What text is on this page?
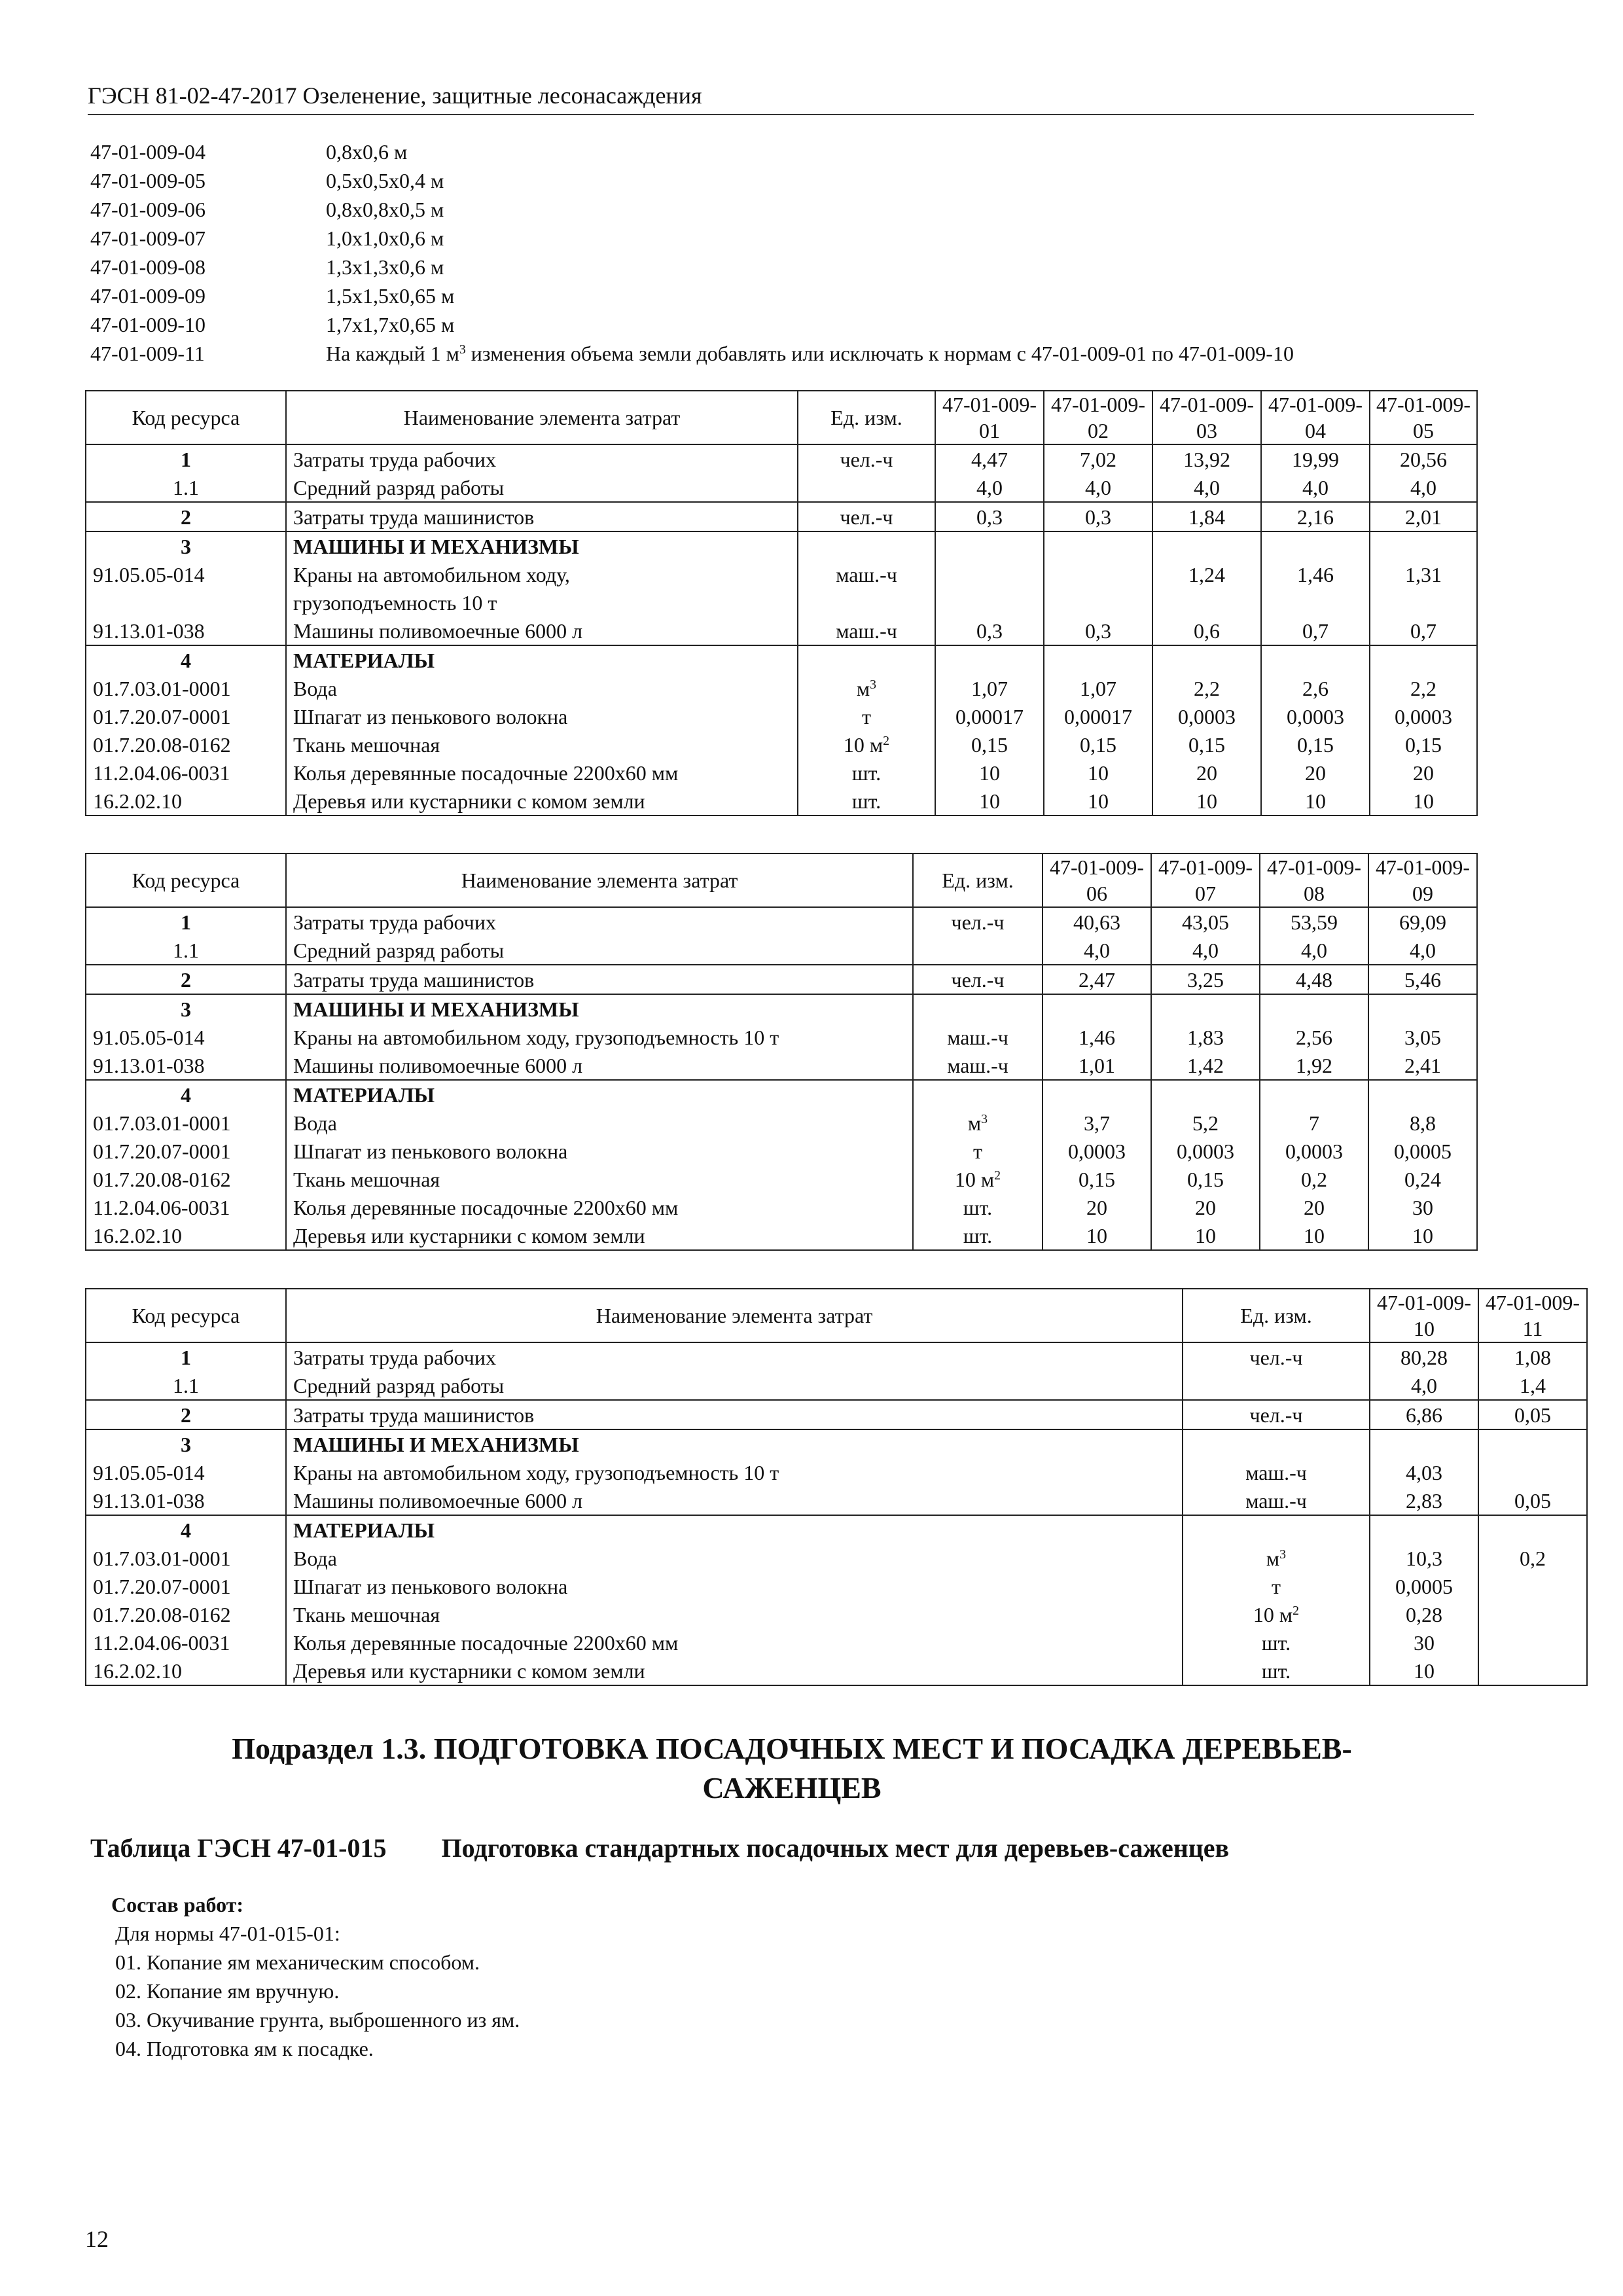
ГЭСН 81-02-47-2017 Озеленение, защитные лесонасаждения
47-01-009-04	0,8х0,6 м
47-01-009-05	0,5х0,5х0,4 м
47-01-009-06	0,8х0,8х0,5 м
47-01-009-07	1,0х1,0х0,6 м
47-01-009-08	1,3х1,3х0,6 м
47-01-009-09	1,5х1,5х0,65 м
47-01-009-10	1,7х1,7х0,65 м
47-01-009-11	На каждый 1 $м^3$ изменения объема земли добавлять или исключать к нормам с 47-01-009-01 по 47-01-009-10
Код ресурса	Наименование элемента затрат	Ед. изм.	47-01-009-01	47-01-009-02	47-01-009-03	47-01-009-04	47-01-009-05
1	Затраты труда рабочих	чел.-ч	4,47	7,02	13,92	19,99	20,56
1.1	Средний разряд работы		4,0	4,0	4,0	4,0	4,0
2	Затраты труда машинистов	чел.-ч	0,3	0,3	1,84	2,16	2,01
3	МАШИНЫ И МЕХАНИЗМЫ						
91.05.05-014	Краны на автомобильном ходу,	маш.-ч			1,24	1,46	1,31
	грузоподъемность 10 т						
91.13.01-038	Машины поливомоечные 6000 л	маш.-ч	0,3	0,3	0,6	0,7	0,7
4	МАТЕРИАЛЫ						
01.7.03.01-0001	Вода	$м^3$	1,07	1,07	2,2	2,6	2,2
01.7.20.07-0001	Шпагат из пенькового волокна	т	0,00017	0,00017	0,0003	0,0003	0,0003
01.7.20.08-0162	Ткань мешочная	10 $м^2$	0,15	0,15	0,15	0,15	0,15
11.2.04.06-0031	Колья деревянные посадочные 2200х60 мм	шт.	10	10	20	20	20
16.2.02.10	Деревья или кустарники с комом земли	шт.	10	10	10	10	10
Код ресурса	Наименование элемента затрат	Ед. изм.	47-01-009-06	47-01-009-07	47-01-009-08	47-01-009-09
1	Затраты труда рабочих	чел.-ч	40,63	43,05	53,59	69,09
1.1	Средний разряд работы		4,0	4,0	4,0	4,0
2	Затраты труда машинистов	чел.-ч	2,47	3,25	4,48	5,46
3	МАШИНЫ И МЕХАНИЗМЫ					
91.05.05-014	Краны на автомобильном ходу, грузоподъемность 10 т	маш.-ч	1,46	1,83	2,56	3,05
91.13.01-038	Машины поливомоечные 6000 л	маш.-ч	1,01	1,42	1,92	2,41
4	МАТЕРИАЛЫ					
01.7.03.01-0001	Вода	$м^3$	3,7	5,2	7	8,8
01.7.20.07-0001	Шпагат из пенькового волокна	т	0,0003	0,0003	0,0003	0,0005
01.7.20.08-0162	Ткань мешочная	10 $м^2$	0,15	0,15	0,2	0,24
11.2.04.06-0031	Колья деревянные посадочные 2200х60 мм	шт.	20	20	20	30
16.2.02.10	Деревья или кустарники с комом земли	шт.	10	10	10	10
Код ресурса	Наименование элемента затрат	Ед. изм.	47-01-009-10	47-01-009-11
1	Затраты труда рабочих	чел.-ч	80,28	1,08
1.1	Средний разряд работы		4,0	1,4
2	Затраты труда машинистов	чел.-ч	6,86	0,05
3	МАШИНЫ И МЕХАНИЗМЫ			
91.05.05-014	Краны на автомобильном ходу, грузоподъемность 10 т	маш.-ч	4,03	
91.13.01-038	Машины поливомоечные 6000 л	маш.-ч	2,83	0,05
4	МАТЕРИАЛЫ			
01.7.03.01-0001	Вода	$м^3$	10,3	0,2
01.7.20.07-0001	Шпагат из пенькового волокна	т	0,0005	
01.7.20.08-0162	Ткань мешочная	10 $м^2$	0,28	
11.2.04.06-0031	Колья деревянные посадочные 2200х60 мм	шт.	30	
16.2.02.10	Деревья или кустарники с комом земли	шт.	10	
Подраздел 1.3. ПОДГОТОВКА ПОСАДОЧНЫХ МЕСТ И ПОСАДКА ДЕРЕВЬЕВ-
САЖЕНЦЕВ
Таблица ГЭСН 47-01-015 Подготовка стандартных посадочных мест для деревьев-саженцев
Состав работ:
Для нормы 47-01-015-01:
01. Копание ям механическим способом.
02. Копание ям вручную.
03. Окучивание грунта, выброшенного из ям.
04. Подготовка ям к посадке.
12
